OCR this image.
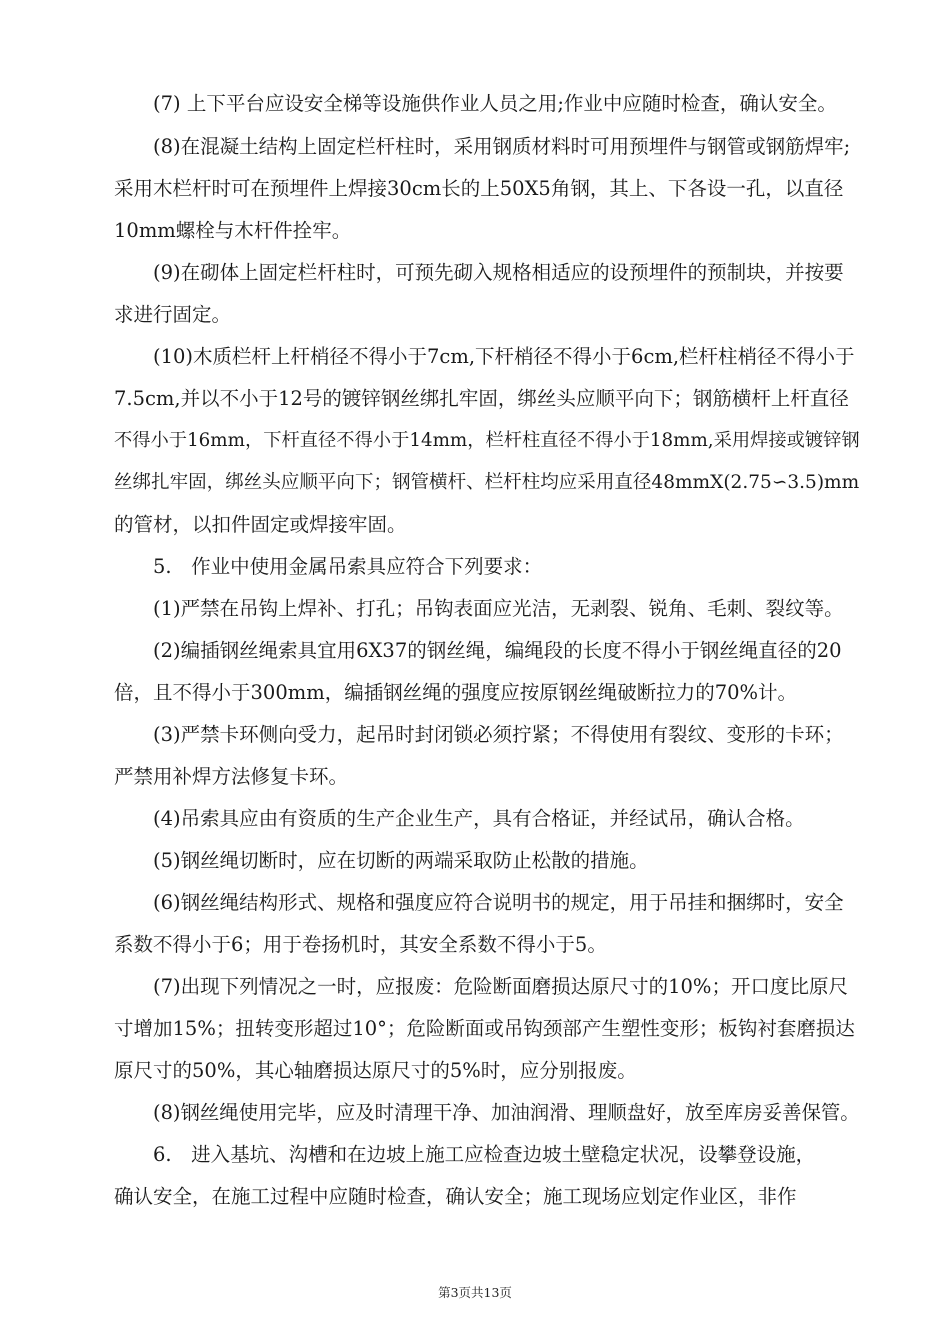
(7) 上下平台应设安全梯等设施供作业人员之用;作业中应随时检查，确认安全。
(8)在混凝土结构上固定栏杆柱时，采用钢质材料时可用预埋件与钢管或钢筋焊牢;
采用木栏杆时可在预埋件上焊接30cm长的上50X5角钢，其上、下各设一孔，以直径
10mm螺栓与木杆件拴牢。
(9)在砌体上固定栏杆柱时，可预先砌入规格相适应的设预埋件的预制块，并按要
求进行固定。
(10)木质栏杆上杆梢径不得小于7cm,下杆梢径不得小于6cm,栏杆柱梢径不得小于
7.5cm,并以不小于12号的镀锌钢丝绑扎牢固，绑丝头应顺平向下；钢筋横杆上杆直径
不得小于16mm，下杆直径不得小于14mm，栏杆柱直径不得小于18mm,采用焊接或镀锌钢
丝绑扎牢固，绑丝头应顺平向下；钢管横杆、栏杆柱均应采用直径48mmX(2.75∽3.5)mm
的管材，以扣件固定或焊接牢固。
5.　作业中使用金属吊索具应符合下列要求：
(1)严禁在吊钩上焊补、打孔；吊钩表面应光洁，无剥裂、锐角、毛刺、裂纹等。
(2)编插钢丝绳索具宜用6X37的钢丝绳，编绳段的长度不得小于钢丝绳直径的20
倍，且不得小于300mm，编插钢丝绳的强度应按原钢丝绳破断拉力的70%计。
(3)严禁卡环侧向受力，起吊时封闭锁必须拧紧；不得使用有裂纹、变形的卡环；
严禁用补焊方法修复卡环。
(4)吊索具应由有资质的生产企业生产，具有合格证，并经试吊，确认合格。
(5)钢丝绳切断时，应在切断的两端采取防止松散的措施。
(6)钢丝绳结构形式、规格和强度应符合说明书的规定，用于吊挂和捆绑时，安全
系数不得小于6；用于卷扬机时，其安全系数不得小于5。
(7)出现下列情况之一时，应报废：危险断面磨损达原尺寸的10%；开口度比原尺
寸增加15%；扭转变形超过10°；危险断面或吊钩颈部产生塑性变形；板钩衬套磨损达
原尺寸的50%，其心轴磨损达原尺寸的5%时，应分别报废。
(8)钢丝绳使用完毕，应及时清理干净、加油润滑、理顺盘好，放至库房妥善保管。
6.　进入基坑、沟槽和在边坡上施工应检查边坡土壁稳定状况，设攀登设施，
确认安全，在施工过程中应随时检查，确认安全；施工现场应划定作业区，非作
第3页共13页
